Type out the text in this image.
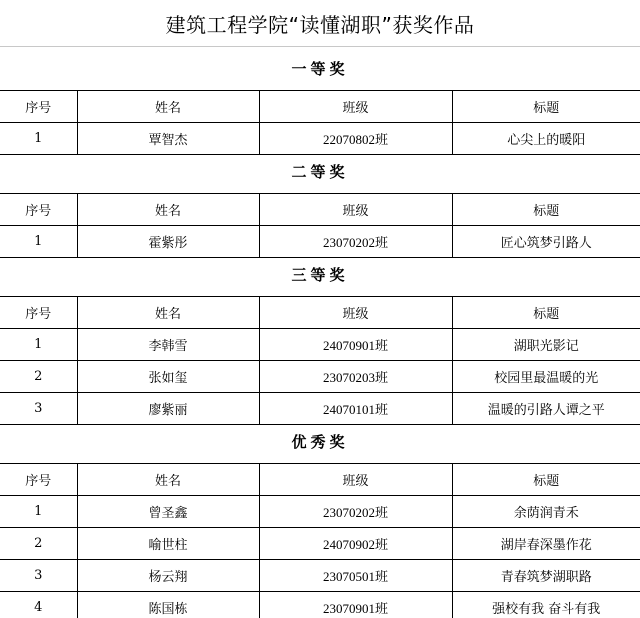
建筑工程学院“读懂湖职”获奖作品
一等奖
序号	姓名	班级	标题
1	覃智杰	22070802班	心尖上的暖阳
二等奖
序号	姓名	班级	标题
1	霍紫彤	23070202班	匠心筑梦引路人
三等奖
序号	姓名	班级	标题
1	李韩雪	24070901班	湖职光影记
2	张如玺	23070203班	校园里最温暖的光
3	廖紫丽	24070101班	温暖的引路人谭之平
优秀奖
序号	姓名	班级	标题
1	曾圣鑫	23070202班	余荫润青禾
2	喻世柱	24070902班	湖岸春深墨作花
3	杨云翔	23070501班	青春筑梦湖职路
4	陈国栋	23070901班	强校有我 奋斗有我
